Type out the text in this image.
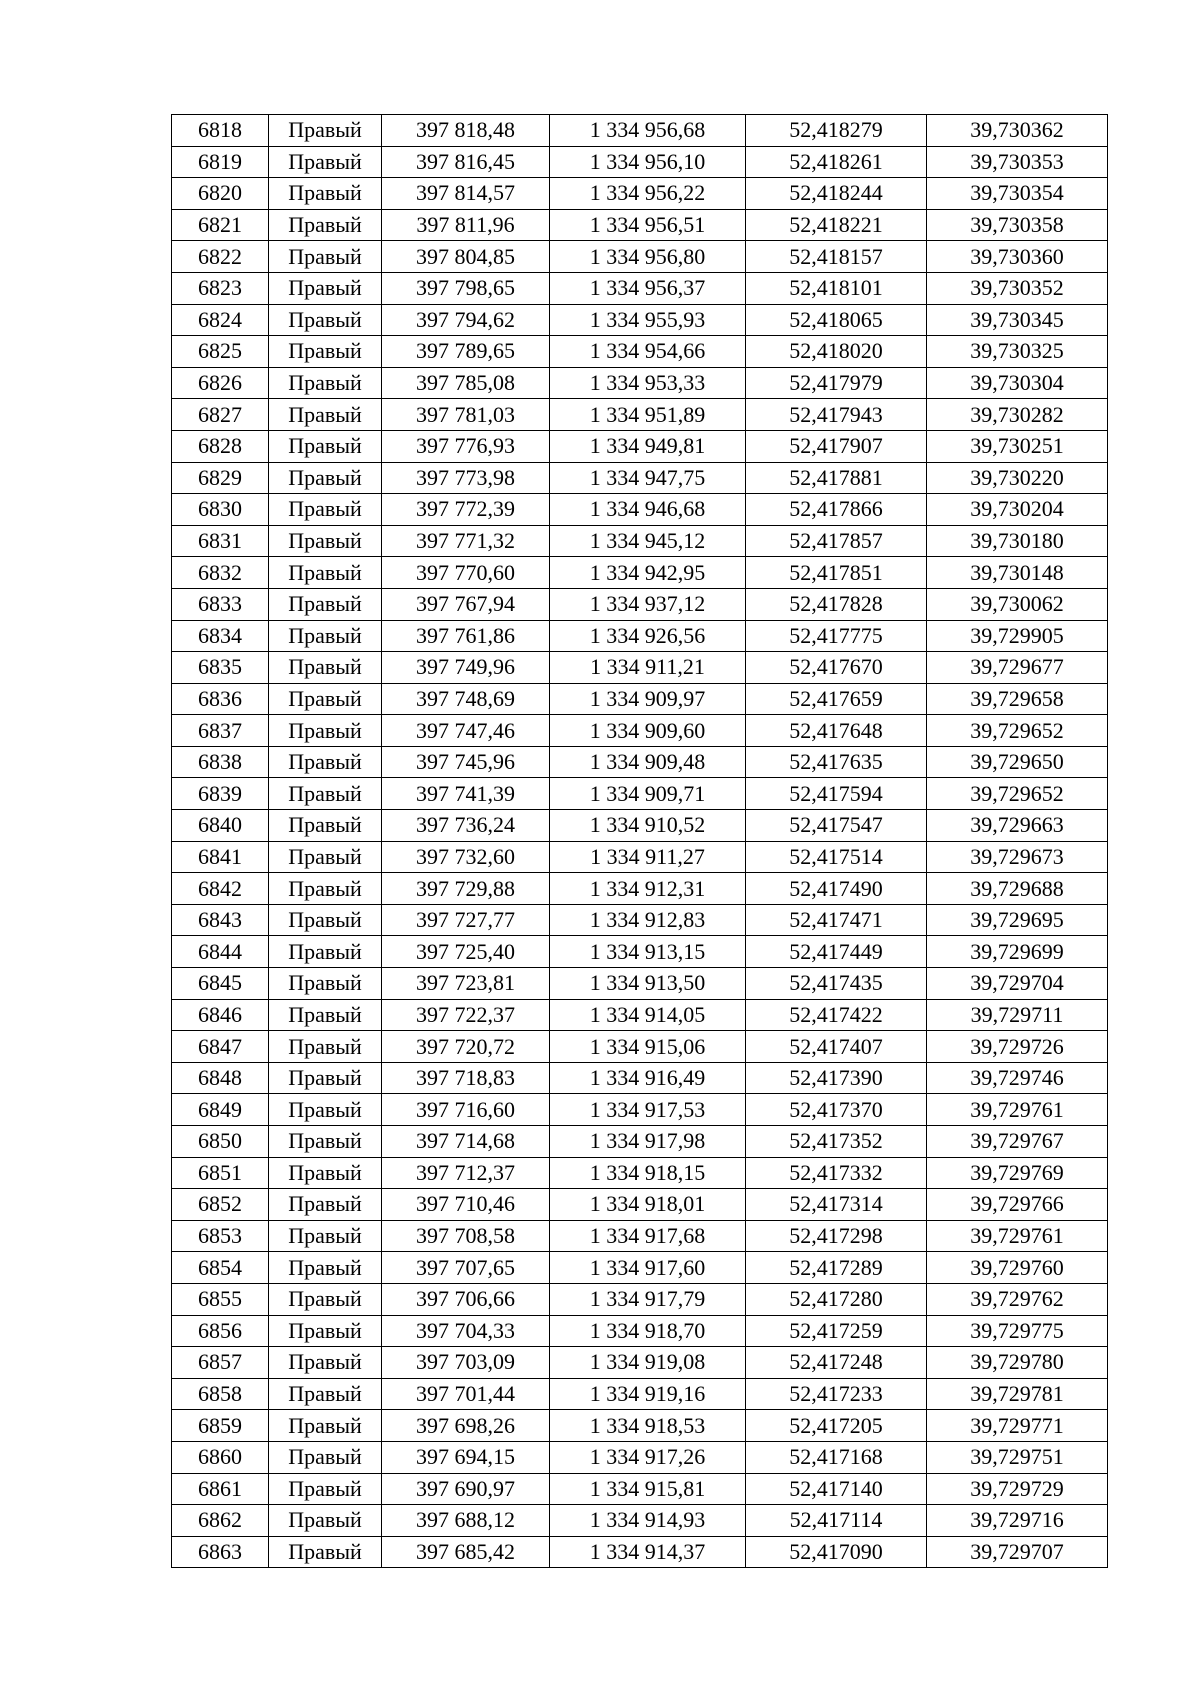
6818	Правый	397 818,48	1 334 956,68	52,418279	39,730362
6819	Правый	397 816,45	1 334 956,10	52,418261	39,730353
6820	Правый	397 814,57	1 334 956,22	52,418244	39,730354
6821	Правый	397 811,96	1 334 956,51	52,418221	39,730358
6822	Правый	397 804,85	1 334 956,80	52,418157	39,730360
6823	Правый	397 798,65	1 334 956,37	52,418101	39,730352
6824	Правый	397 794,62	1 334 955,93	52,418065	39,730345
6825	Правый	397 789,65	1 334 954,66	52,418020	39,730325
6826	Правый	397 785,08	1 334 953,33	52,417979	39,730304
6827	Правый	397 781,03	1 334 951,89	52,417943	39,730282
6828	Правый	397 776,93	1 334 949,81	52,417907	39,730251
6829	Правый	397 773,98	1 334 947,75	52,417881	39,730220
6830	Правый	397 772,39	1 334 946,68	52,417866	39,730204
6831	Правый	397 771,32	1 334 945,12	52,417857	39,730180
6832	Правый	397 770,60	1 334 942,95	52,417851	39,730148
6833	Правый	397 767,94	1 334 937,12	52,417828	39,730062
6834	Правый	397 761,86	1 334 926,56	52,417775	39,729905
6835	Правый	397 749,96	1 334 911,21	52,417670	39,729677
6836	Правый	397 748,69	1 334 909,97	52,417659	39,729658
6837	Правый	397 747,46	1 334 909,60	52,417648	39,729652
6838	Правый	397 745,96	1 334 909,48	52,417635	39,729650
6839	Правый	397 741,39	1 334 909,71	52,417594	39,729652
6840	Правый	397 736,24	1 334 910,52	52,417547	39,729663
6841	Правый	397 732,60	1 334 911,27	52,417514	39,729673
6842	Правый	397 729,88	1 334 912,31	52,417490	39,729688
6843	Правый	397 727,77	1 334 912,83	52,417471	39,729695
6844	Правый	397 725,40	1 334 913,15	52,417449	39,729699
6845	Правый	397 723,81	1 334 913,50	52,417435	39,729704
6846	Правый	397 722,37	1 334 914,05	52,417422	39,729711
6847	Правый	397 720,72	1 334 915,06	52,417407	39,729726
6848	Правый	397 718,83	1 334 916,49	52,417390	39,729746
6849	Правый	397 716,60	1 334 917,53	52,417370	39,729761
6850	Правый	397 714,68	1 334 917,98	52,417352	39,729767
6851	Правый	397 712,37	1 334 918,15	52,417332	39,729769
6852	Правый	397 710,46	1 334 918,01	52,417314	39,729766
6853	Правый	397 708,58	1 334 917,68	52,417298	39,729761
6854	Правый	397 707,65	1 334 917,60	52,417289	39,729760
6855	Правый	397 706,66	1 334 917,79	52,417280	39,729762
6856	Правый	397 704,33	1 334 918,70	52,417259	39,729775
6857	Правый	397 703,09	1 334 919,08	52,417248	39,729780
6858	Правый	397 701,44	1 334 919,16	52,417233	39,729781
6859	Правый	397 698,26	1 334 918,53	52,417205	39,729771
6860	Правый	397 694,15	1 334 917,26	52,417168	39,729751
6861	Правый	397 690,97	1 334 915,81	52,417140	39,729729
6862	Правый	397 688,12	1 334 914,93	52,417114	39,729716
6863	Правый	397 685,42	1 334 914,37	52,417090	39,729707
